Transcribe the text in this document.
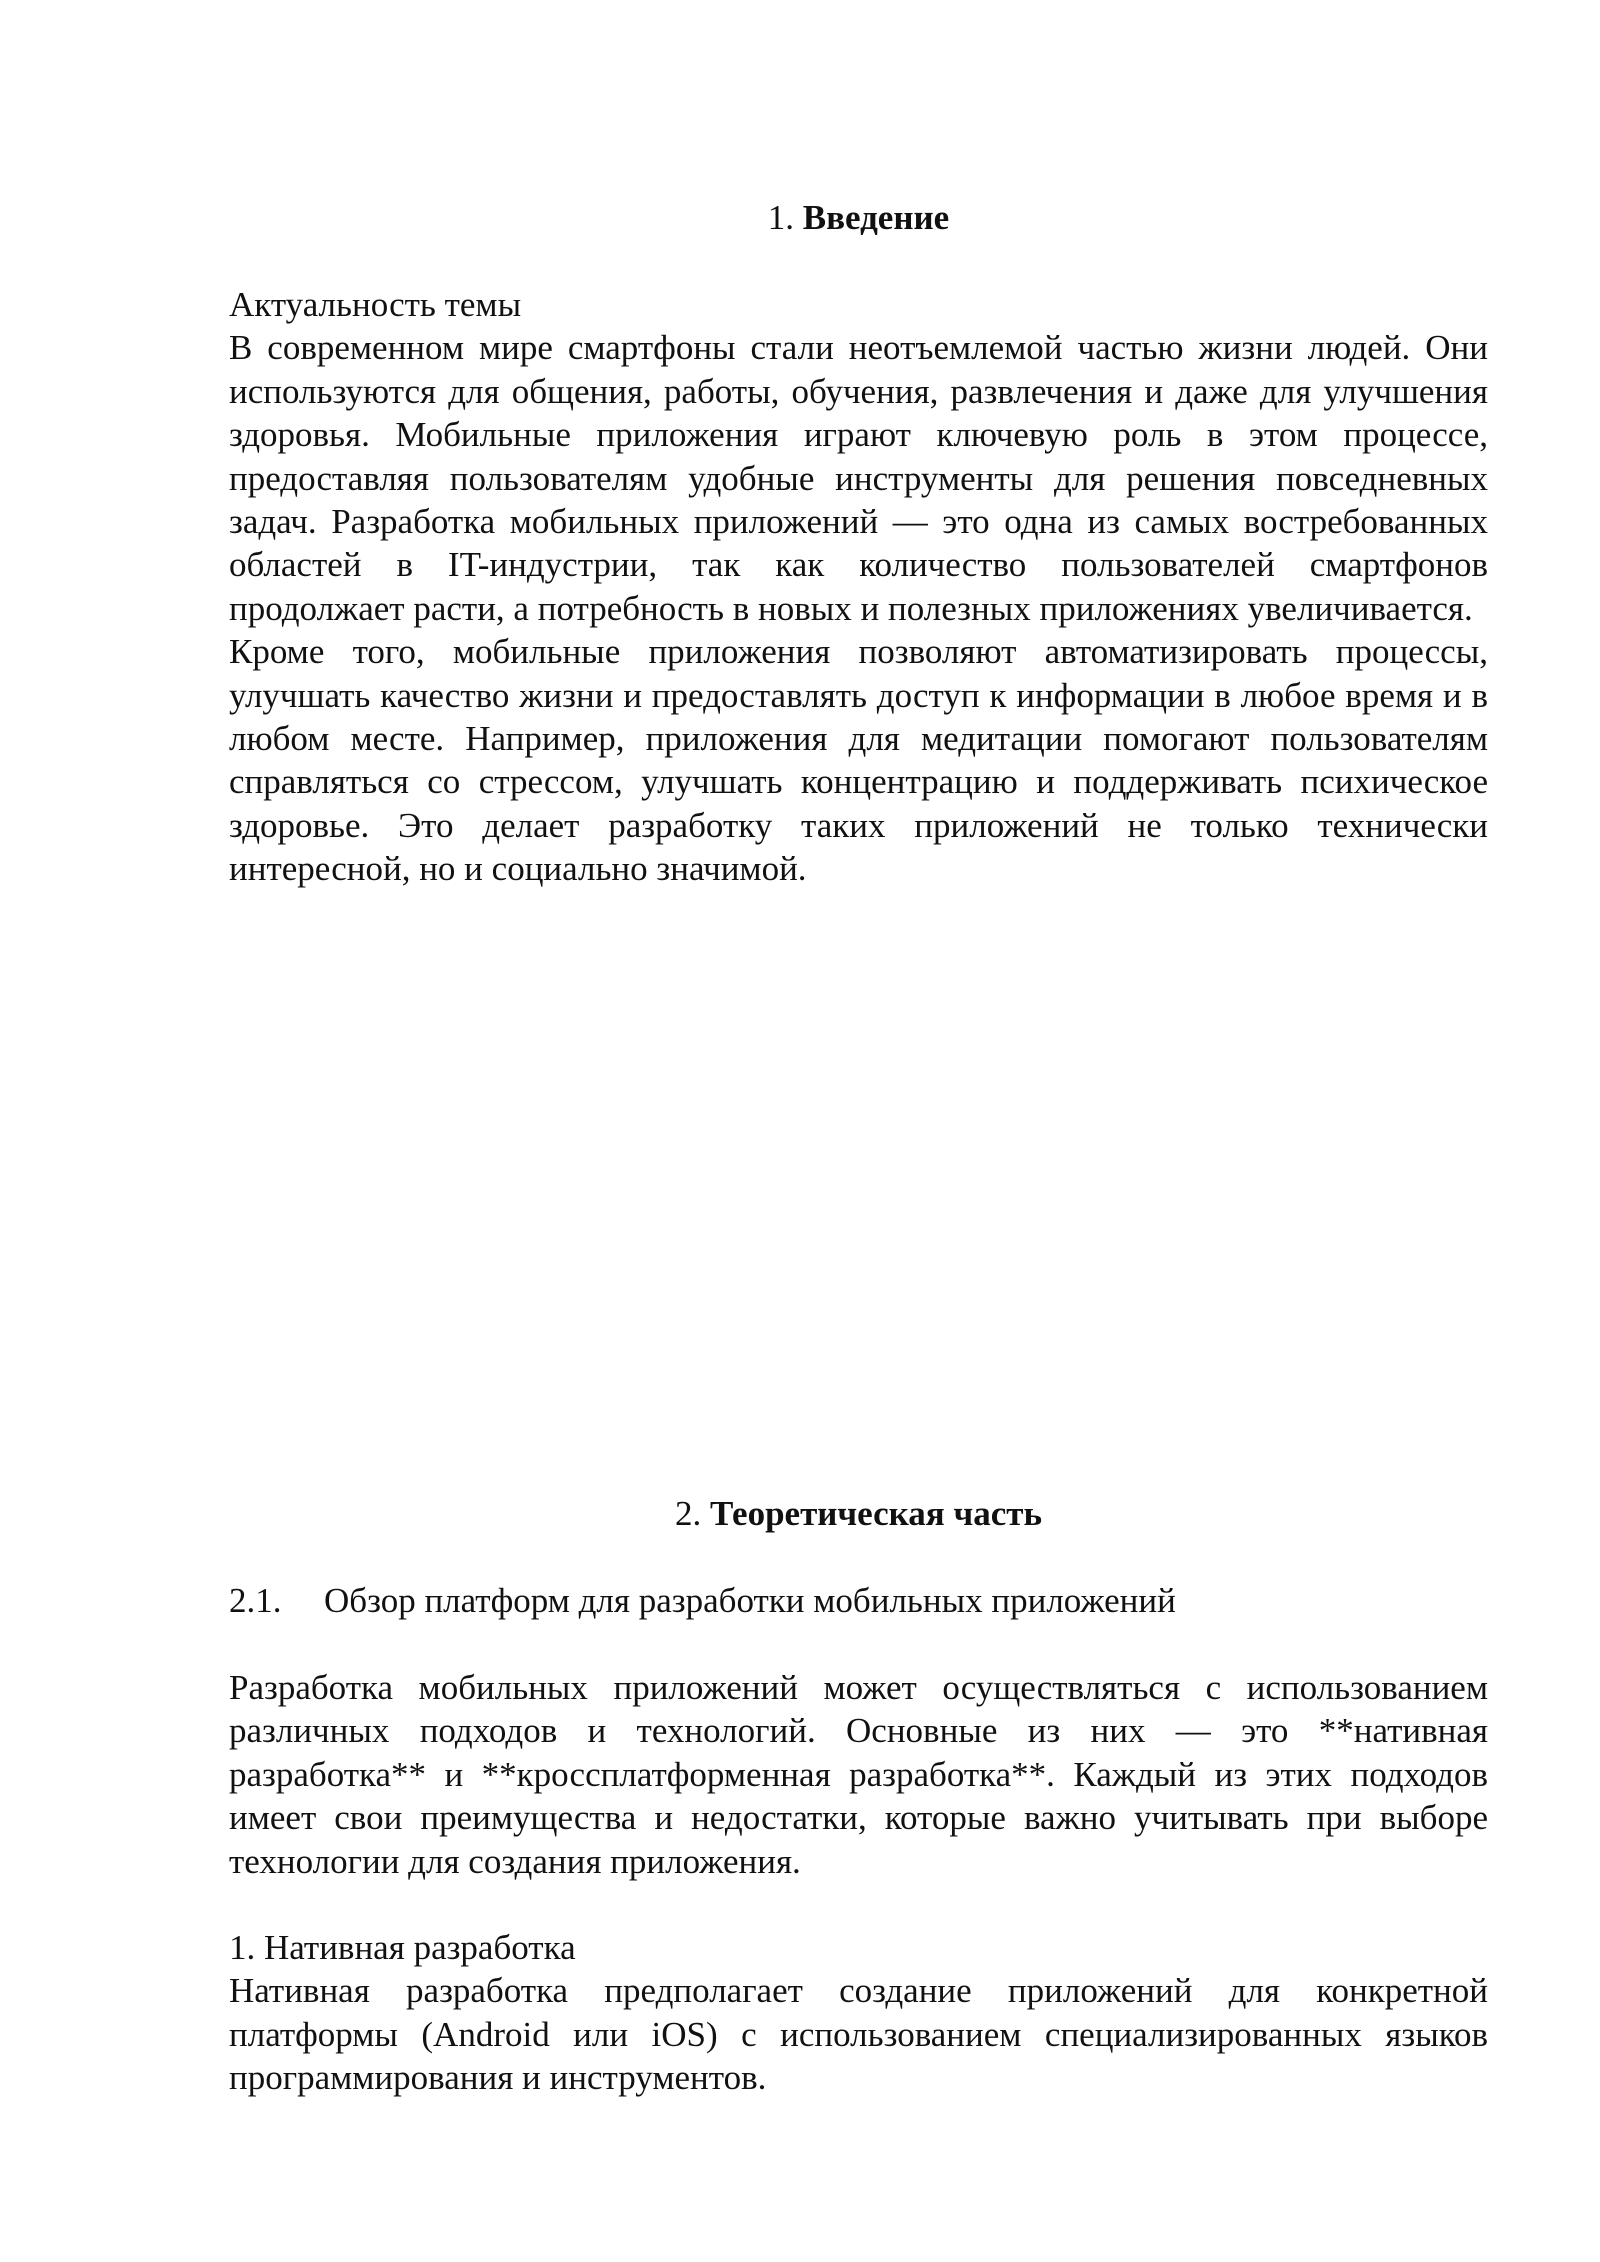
1. Введение

Актуальность темы

В современном мире смартфоны стали неотъемлемой частью жизни людей. Они используются для общения, работы, обучения, развлечения и даже для улучшения здоровья. Мобильные приложения играют ключевую роль в этом процессе, предоставляя пользователям удобные инструменты для решения повседневных задач. Разработка мобильных приложений — это одна из самых востребованных областей в IT-индустрии, так как количество пользователей смартфонов продолжает расти, а потребность в новых и полезных приложениях увеличивается.

Кроме того, мобильные приложения позволяют автоматизировать процессы, улучшать качество жизни и предоставлять доступ к информации в любое время и в любом месте. Например, приложения для медитации помогают пользователям справляться со стрессом, улучшать концентрацию и поддерживать психическое здоровье. Это делает разработку таких приложений не только технически интересной, но и социально значимой.

2. Теоретическая часть
2.1.	Обзор платформ для разработки мобильных приложений

Разработка мобильных приложений может осуществляться с использованием различных подходов и технологий. Основные из них — это **нативная разработка** и **кроссплатформенная разработка**. Каждый из этих подходов имеет свои преимущества и недостатки, которые важно учитывать при выборе технологии для создания приложения.

1. Нативная разработка

Нативная разработка предполагает создание приложений для конкретной платформы (Android или iOS) с использованием специализированных языков программирования и инструментов.
